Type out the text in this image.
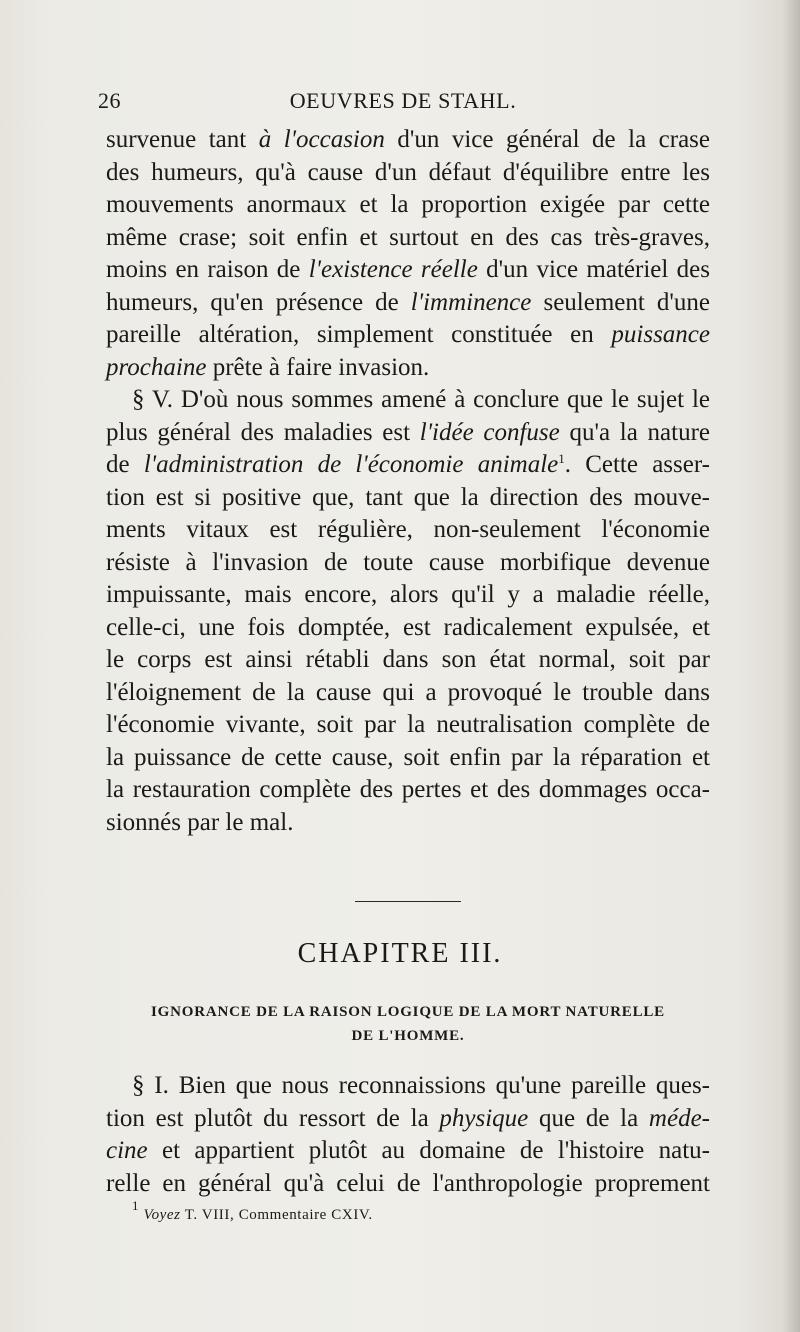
26	OEUVRES DE STAHL.
survenue tant à l'occasion d'un vice général de la crase
des humeurs, qu'à cause d'un défaut d'équilibre entre les
mouvements anormaux et la proportion exigée par cette
même crase; soit enfin et surtout en des cas très-graves,
moins en raison de l'existence réelle d'un vice matériel des
humeurs, qu'en présence de l'imminence seulement d'une
pareille altération, simplement constituée en puissance
prochaine prête à faire invasion.
§ V. D'où nous sommes amené à conclure que le sujet le
plus général des maladies est l'idée confuse qu'a la nature
de l'administration de l'économie animale$^1$. Cette asser-
tion est si positive que, tant que la direction des mouve-
ments vitaux est régulière, non-seulement l'économie
résiste à l'invasion de toute cause morbifique devenue
impuissante, mais encore, alors qu'il y a maladie réelle,
celle-ci, une fois domptée, est radicalement expulsée, et
le corps est ainsi rétabli dans son état normal, soit par
l'éloignement de la cause qui a provoqué le trouble dans
l'économie vivante, soit par la neutralisation complète de
la puissance de cette cause, soit enfin par la réparation et
la restauration complète des pertes et des dommages occa-
sionnés par le mal.
CHAPITRE III.
IGNORANCE DE LA RAISON LOGIQUE DE LA MORT NATURELLE
DE L'HOMME.
§ I. Bien que nous reconnaissions qu'une pareille ques-
tion est plutôt du ressort de la physique que de la méde-
cine et appartient plutôt au domaine de l'histoire natu-
relle en général qu'à celui de l'anthropologie proprement
$^1$ Voyez T. VIII, Commentaire CXIV.
